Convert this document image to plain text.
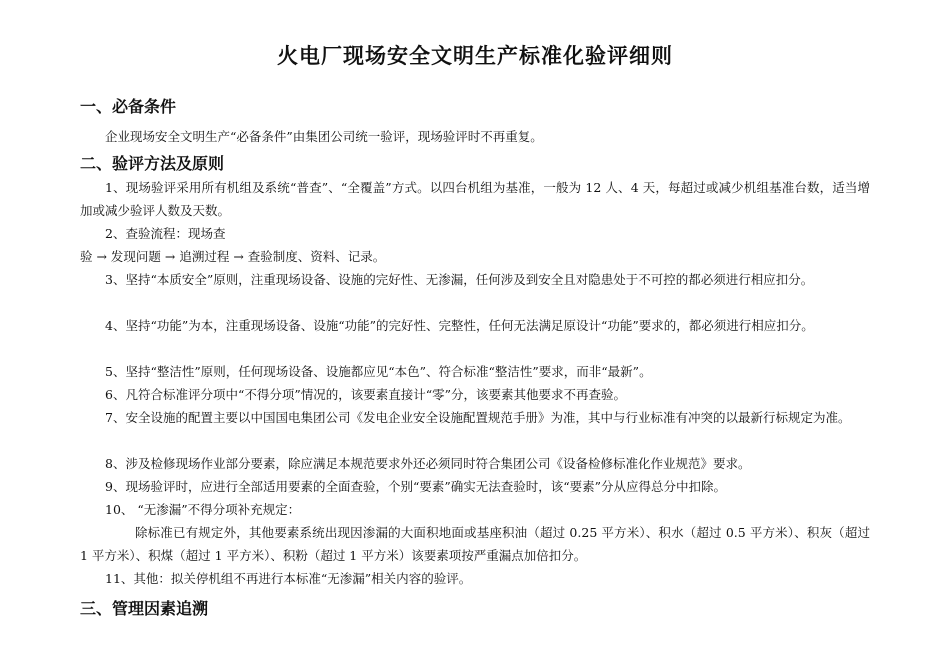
火电厂现场安全文明生产标准化验评细则
一、必备条件
企业现场安全文明生产“必备条件”由集团公司统一验评，现场验评时不再重复。
二、验评方法及原则
1、现场验评采用所有机组及系统“普查”、“全覆盖”方式。以四台机组为基准，一般为 12 人、4 天，每超过或减少机组基准台数，适当增加或减少验评人数及天数。
2、查验流程：现场查
验 → 发现问题 → 追溯过程 → 查验制度、资料、记录。
3、坚持“本质安全”原则，注重现场设备、设施的完好性、无渗漏，任何涉及到安全且对隐患处于不可控的都必须进行相应扣分。
4、坚持“功能”为本，注重现场设备、设施“功能”的完好性、完整性，任何无法满足原设计“功能”要求的，都必须进行相应扣分。
5、坚持“整洁性”原则，任何现场设备、设施都应见“本色”、符合标准“整洁性”要求，而非“最新”。
6、凡符合标准评分项中“不得分项”情况的，该要素直接计“零”分，该要素其他要求不再查验。
7、安全设施的配置主要以中国国电集团公司《发电企业安全设施配置规范手册》为准，其中与行业标准有冲突的以最新行标规定为准。
8、涉及检修现场作业部分要素，除应满足本规范要求外还必须同时符合集团公司《设备检修标准化作业规范》要求。
9、现场验评时，应进行全部适用要素的全面查验，个别“要素”确实无法查验时，该“要素”分从应得总分中扣除。
10、 “无渗漏”不得分项补充规定：
除标准已有规定外，其他要素系统出现因渗漏的大面积地面或基座积油（超过 0.25 平方米）、积水（超过 0.5 平方米）、积灰（超过 1 平方米）、积煤（超过 1 平方米）、积粉（超过 1 平方米）该要素项按严重漏点加倍扣分。
11、其他：拟关停机组不再进行本标准“无渗漏”相关内容的验评。
三、管理因素追溯
